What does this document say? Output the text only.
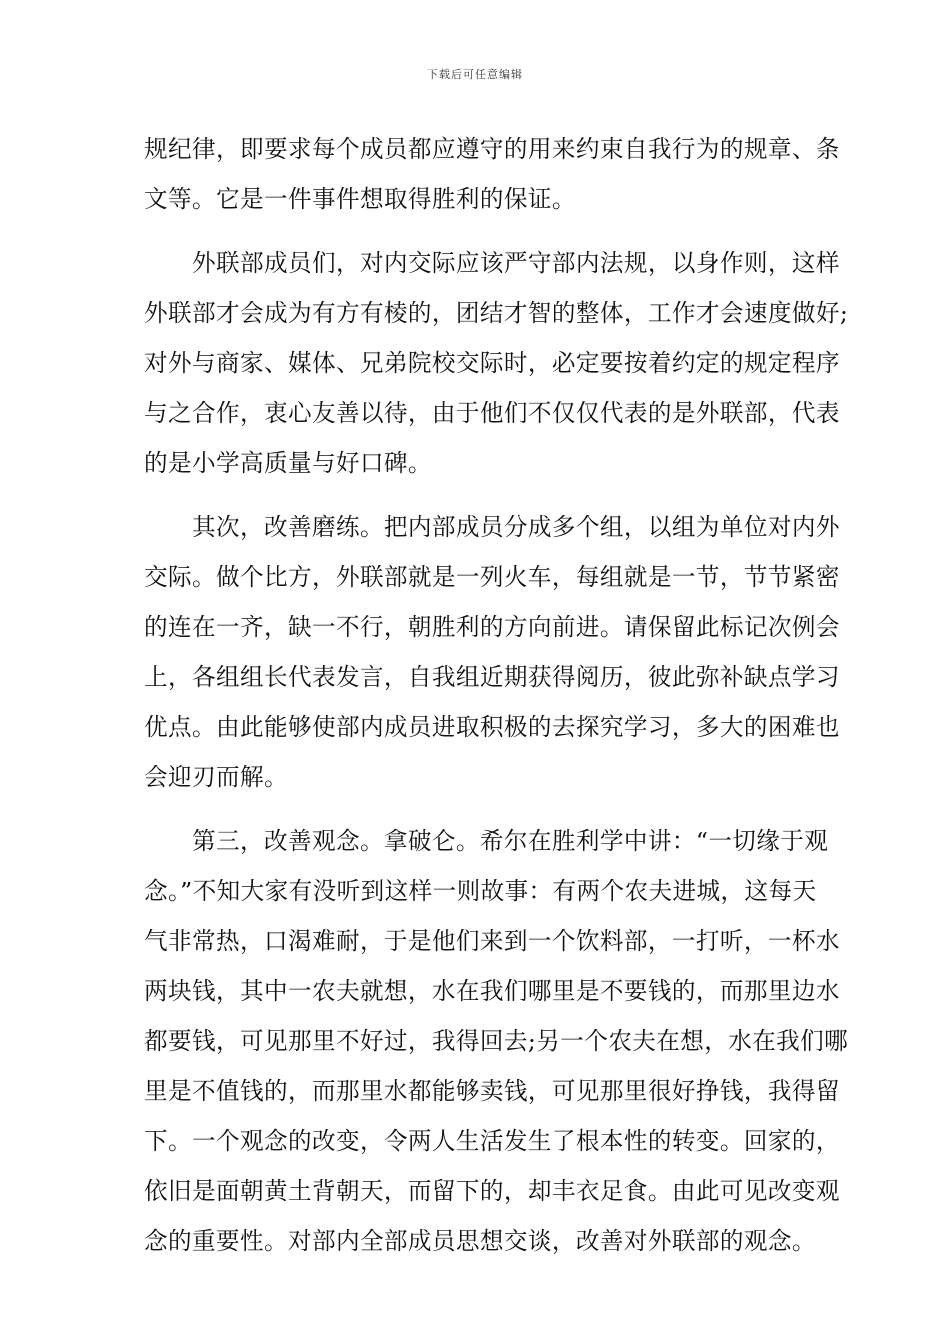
下载后可任意编辑
规纪律，即要求每个成员都应遵守的用来约束自我行为的规章、条
文等。它是一件事件想取得胜利的保证。
　　外联部成员们，对内交际应该严守部内法规，以身作则，这样
外联部才会成为有方有棱的，团结才智的整体，工作才会速度做好;
对外与商家、媒体、兄弟院校交际时，必定要按着约定的规定程序
与之合作，衷心友善以待，由于他们不仅仅代表的是外联部，代表
的是小学高质量与好口碑。
　　其次，改善磨练。把内部成员分成多个组，以组为单位对内外
交际。做个比方，外联部就是一列火车，每组就是一节，节节紧密
的连在一齐，缺一不行，朝胜利的方向前进。请保留此标记次例会
上，各组组长代表发言，自我组近期获得阅历，彼此弥补缺点学习
优点。由此能够使部内成员进取积极的去探究学习，多大的困难也
会迎刃而解。
　　第三，改善观念。拿破仑。希尔在胜利学中讲：“一切缘于观
念。”不知大家有没听到这样一则故事：有两个农夫进城，这每天
气非常热，口渴难耐，于是他们来到一个饮料部，一打听，一杯水
两块钱，其中一农夫就想，水在我们哪里是不要钱的，而那里边水
都要钱，可见那里不好过，我得回去;另一个农夫在想，水在我们哪
里是不值钱的，而那里水都能够卖钱，可见那里很好挣钱，我得留
下。一个观念的改变，令两人生活发生了根本性的转变。回家的，
依旧是面朝黄土背朝天，而留下的，却丰衣足食。由此可见改变观
念的重要性。对部内全部成员思想交谈，改善对外联部的观念。
